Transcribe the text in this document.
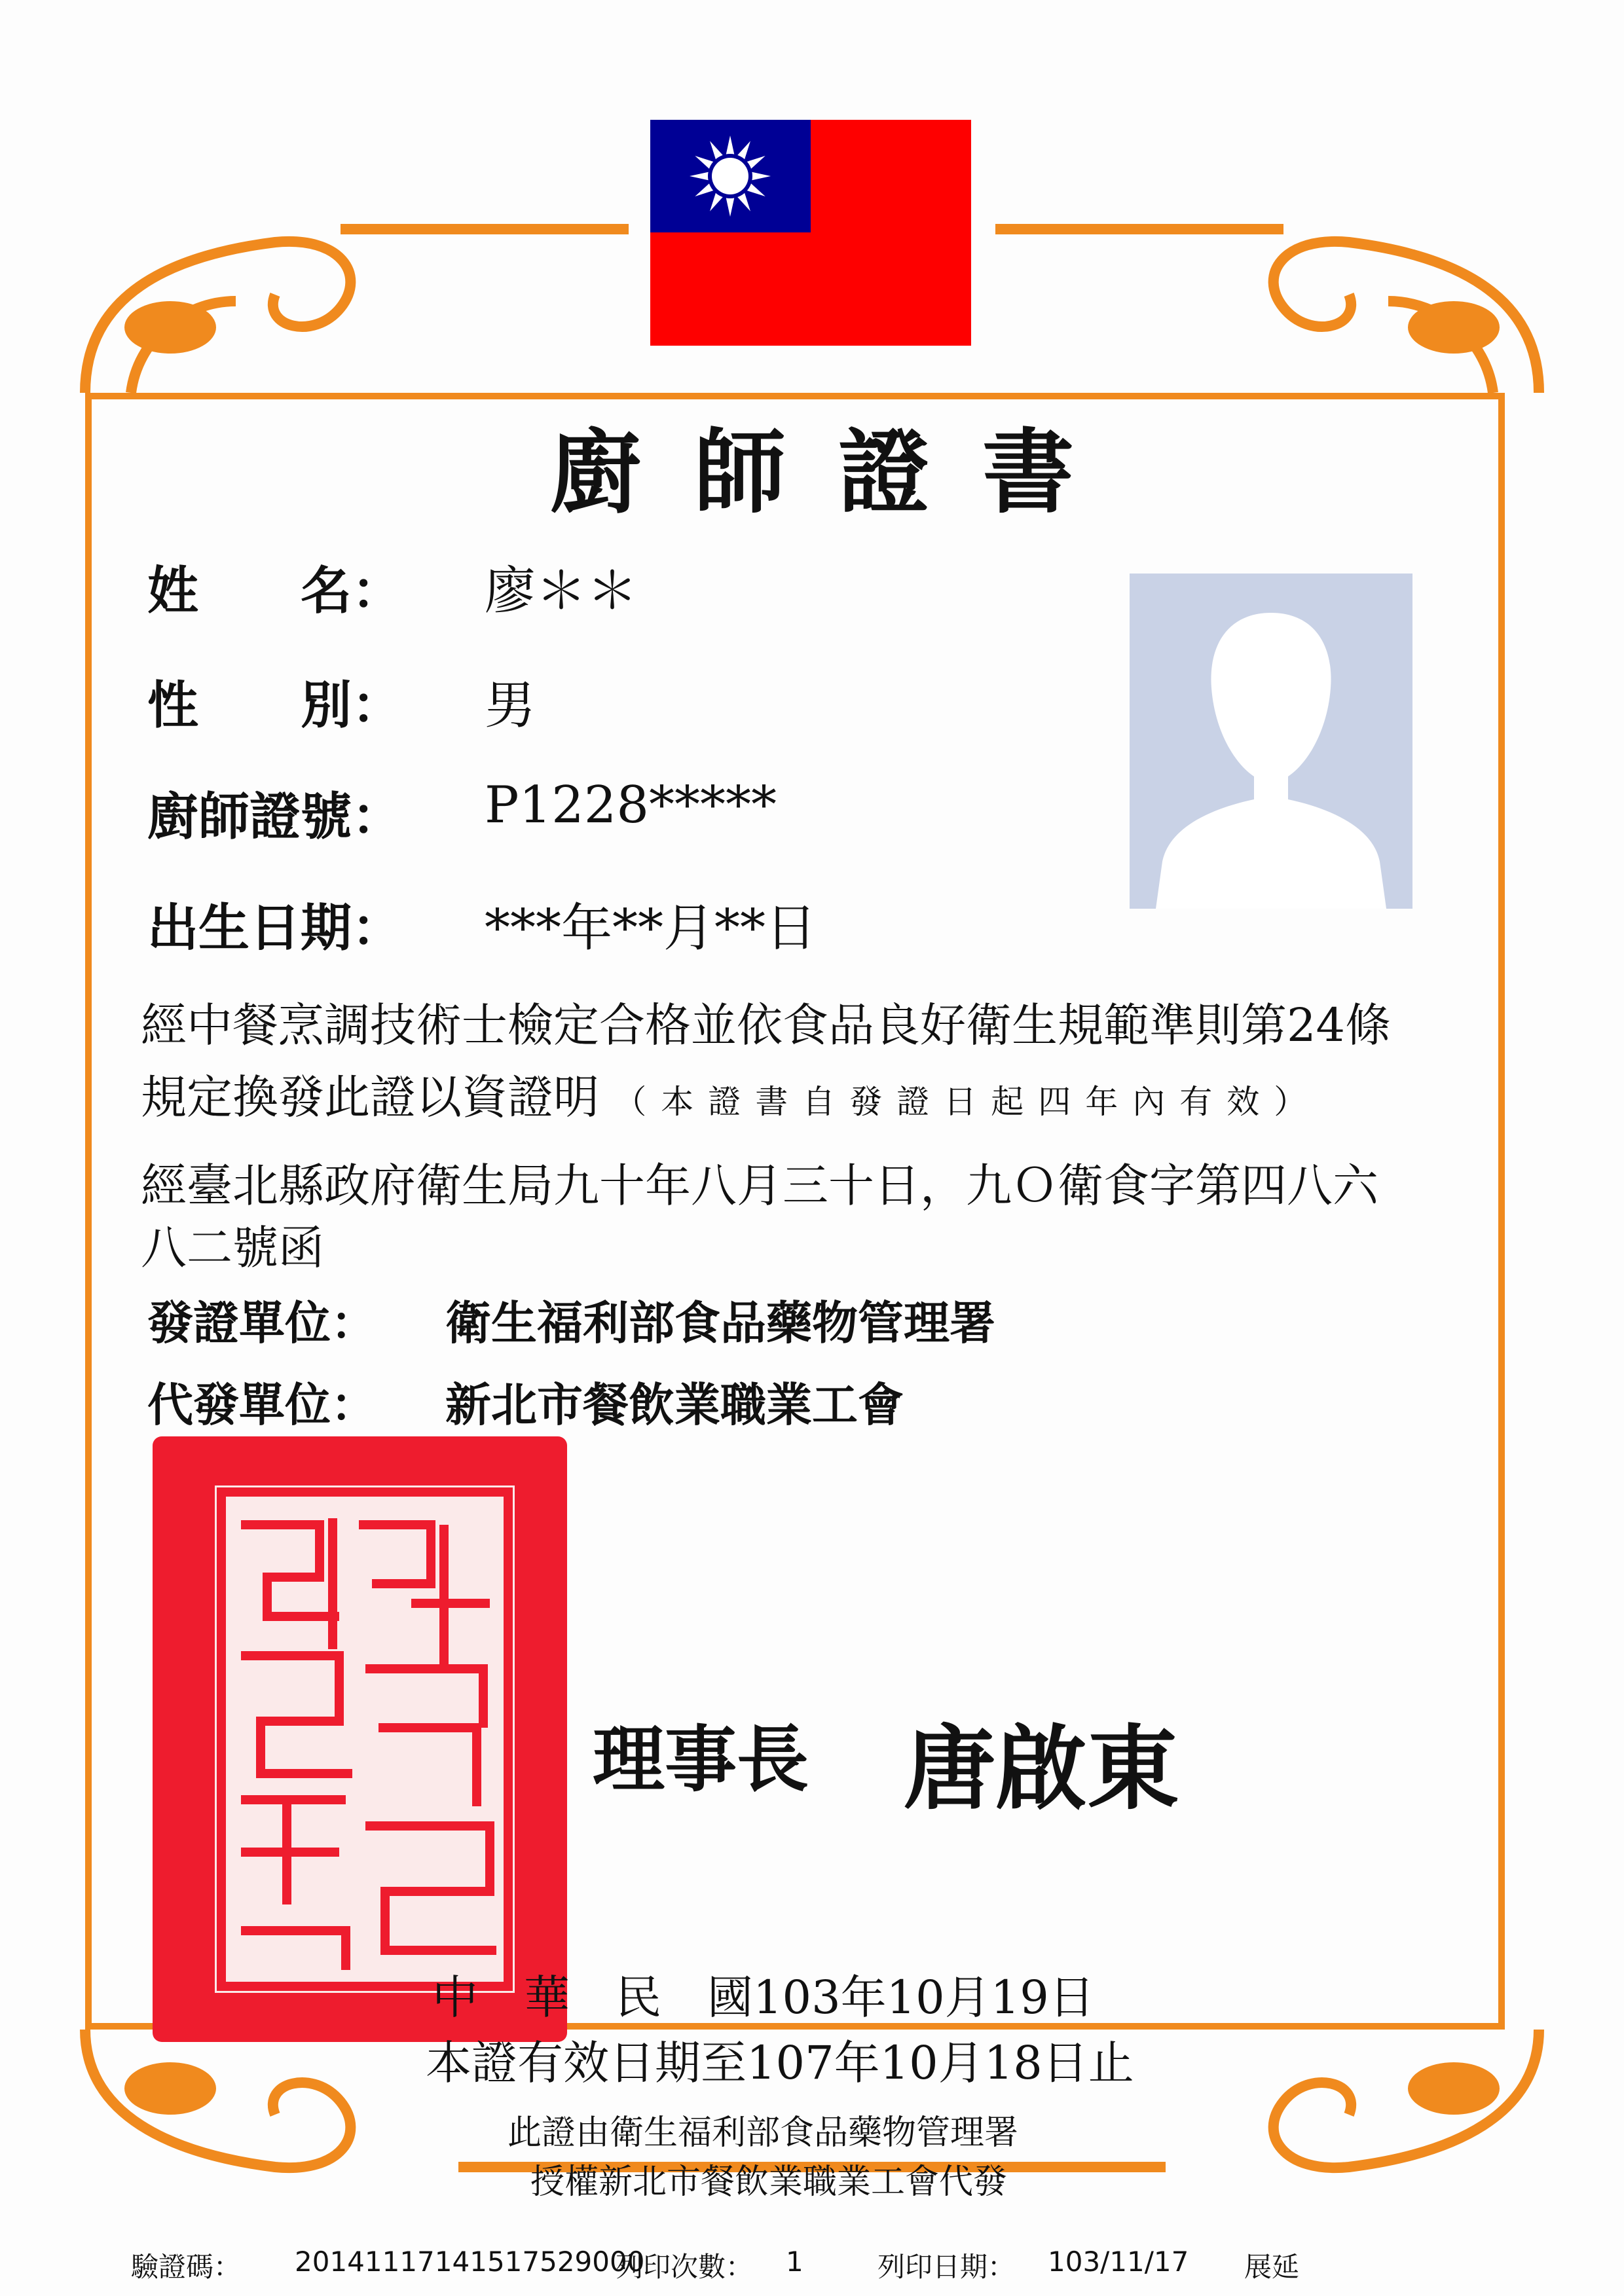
廚師證書
姓　　名： 廖＊＊
性　　別： 男
廚師證號： P1228*****
出生日期： ***年**月**日
經中餐烹調技術士檢定合格並依食品良好衛生規範準則第24條
規定換發此證以資證明 （本證書自發證日起四年內有效）
經臺北縣政府衛生局九十年八月三十日，九Ｏ衛食字第四八六
八二號函
發證單位： 衛生福利部食品藥物管理署
代發單位： 新北市餐飲業職業工會
理事長 唐啟東
中　華　民　國103年10月19日
本證有效日期至107年10月18日止
此證由衛生福利部食品藥物管理署
授權新北市餐飲業職業工會代發
驗證碼： 20141117141517529000
列印次數： 1	列印日期： 103/11/17 展延
